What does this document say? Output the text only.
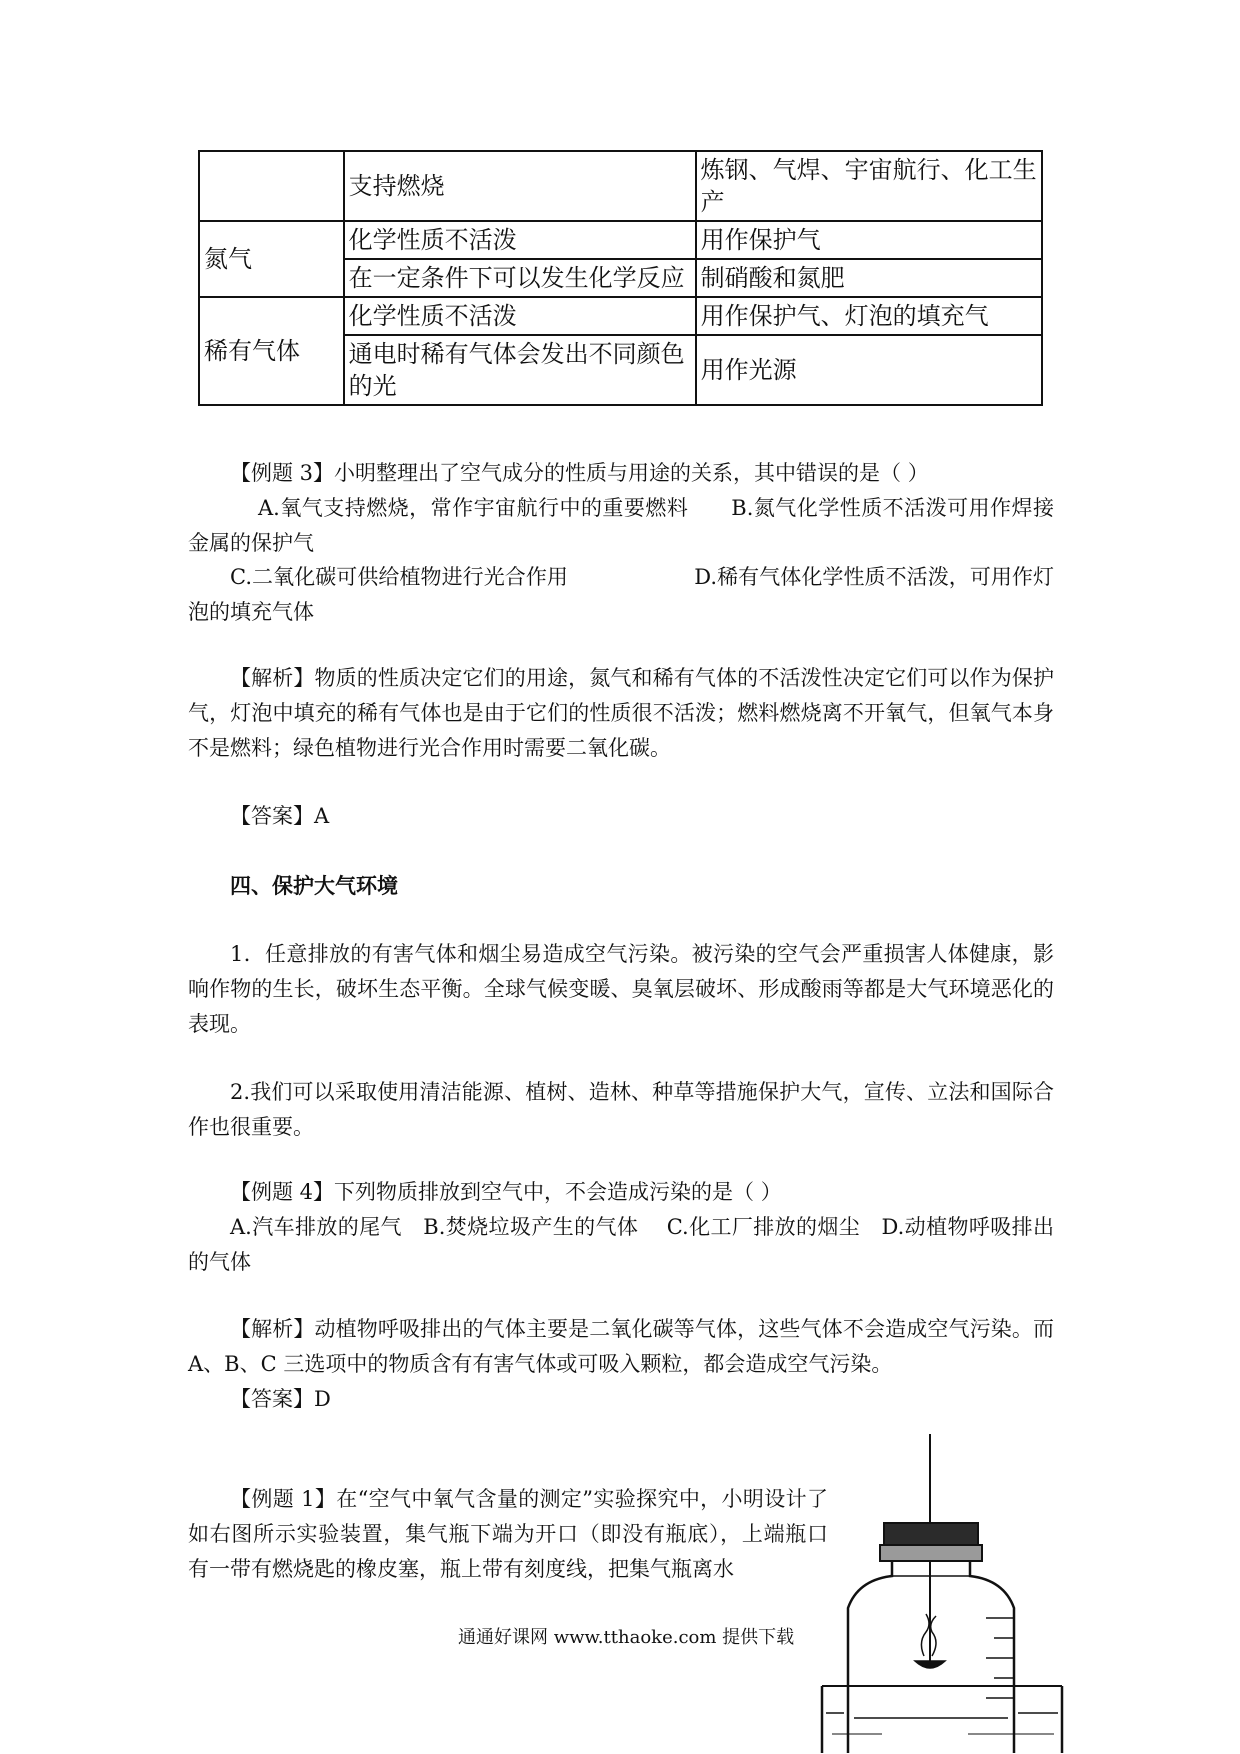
	支持燃烧	炼钢、气焊、宇宙航行、化工生产
氮气	化学性质不活泼	用作保护气
	在一定条件下可以发生化学反应	制硝酸和氮肥
稀有气体	化学性质不活泼	用作保护气、灯泡的填充气
	通电时稀有气体会发出不同颜色的光	用作光源

【例题 3】小明整理出了空气成分的性质与用途的关系，其中错误的是（ ）

A.氧气支持燃烧，常作宇宙航行中的重要燃料　　B.氮气化学性质不活泼可用作焊接金属的保护气

C.二氧化碳可供给植物进行光合作用　　　　　　D.稀有气体化学性质不活泼，可用作灯泡的填充气体

【解析】物质的性质决定它们的用途，氮气和稀有气体的不活泼性决定它们可以作为保护气，灯泡中填充的稀有气体也是由于它们的性质很不活泼；燃料燃烧离不开氧气，但氧气本身不是燃料；绿色植物进行光合作用时需要二氧化碳。

【答案】A

四、保护大气环境

1．任意排放的有害气体和烟尘易造成空气污染。被污染的空气会严重损害人体健康，影响作物的生长，破坏生态平衡。全球气候变暖、臭氧层破坏、形成酸雨等都是大气环境恶化的表现。

2.我们可以采取使用清洁能源、植树、造林、种草等措施保护大气，宣传、立法和国际合作也很重要。

【例题 4】下列物质排放到空气中，不会造成污染的是（ ）

A.汽车排放的尾气　B.焚烧垃圾产生的气体　 C.化工厂排放的烟尘　D.动植物呼吸排出的气体

【解析】动植物呼吸排出的气体主要是二氧化碳等气体，这些气体不会造成空气污染。而 A、B、C 三选项中的物质含有有害气体或可吸入颗粒，都会造成空气污染。

【答案】D

【例题 1】在“空气中氧气含量的测定”实验探究中，小明设计了如右图所示实验装置，集气瓶下端为开口（即没有瓶底），上端瓶口有一带有燃烧匙的橡皮塞，瓶上带有刻度线，把集气瓶离水

通通好课网 www.tthaoke.com 提供下载
